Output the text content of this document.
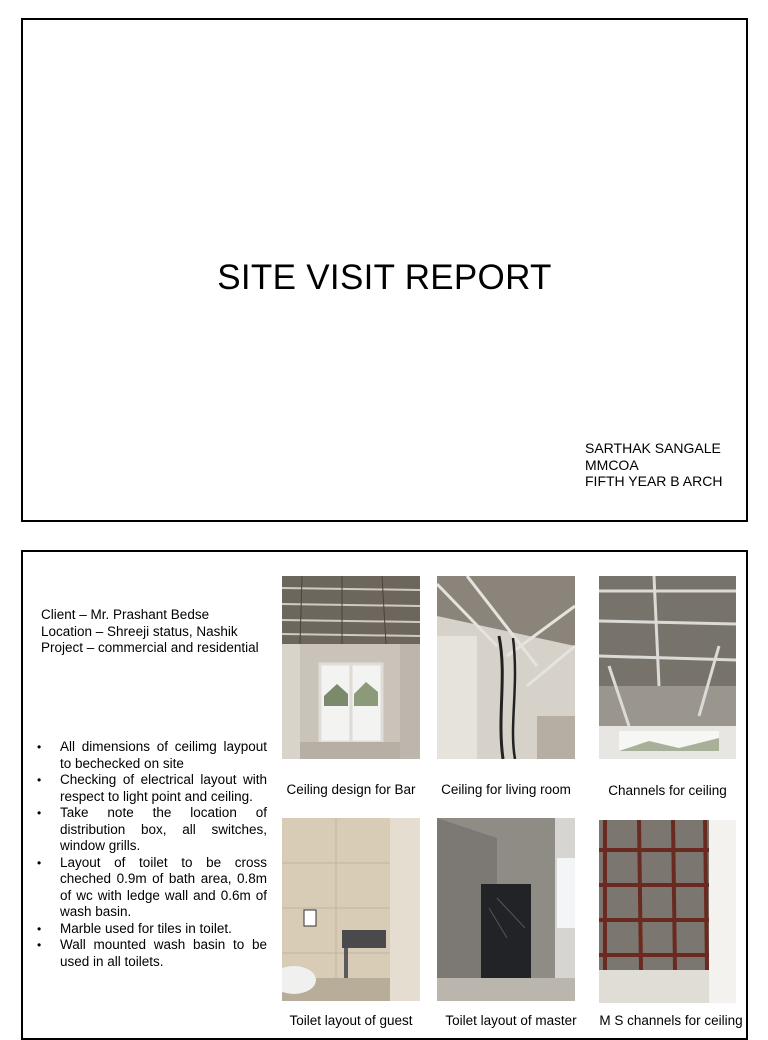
SITE VISIT REPORT
SARTHAK SANGALE
MMCOA
FIFTH YEAR B ARCH
Client – Mr. Prashant Bedse
Location – Shreeji status, Nashik
Project – commercial and residential
• All dimensions of ceilimg laypout to bechecked on site
• Checking of electrical layout with respect to light point and ceiling.
• Take note the location of distribution box, all switches, window grills.
• Layout of toilet to be cross cheched 0.9m of bath area, 0.8m of wc with ledge wall and 0.6m of wash basin.
• Marble used for tiles in toilet.
• Wall mounted wash basin to be used in all toilets.
Ceiling design for Bar	Ceiling for living room	Channels for ceiling
Toilet layout of guest	Toilet layout of master	M S channels for ceiling
